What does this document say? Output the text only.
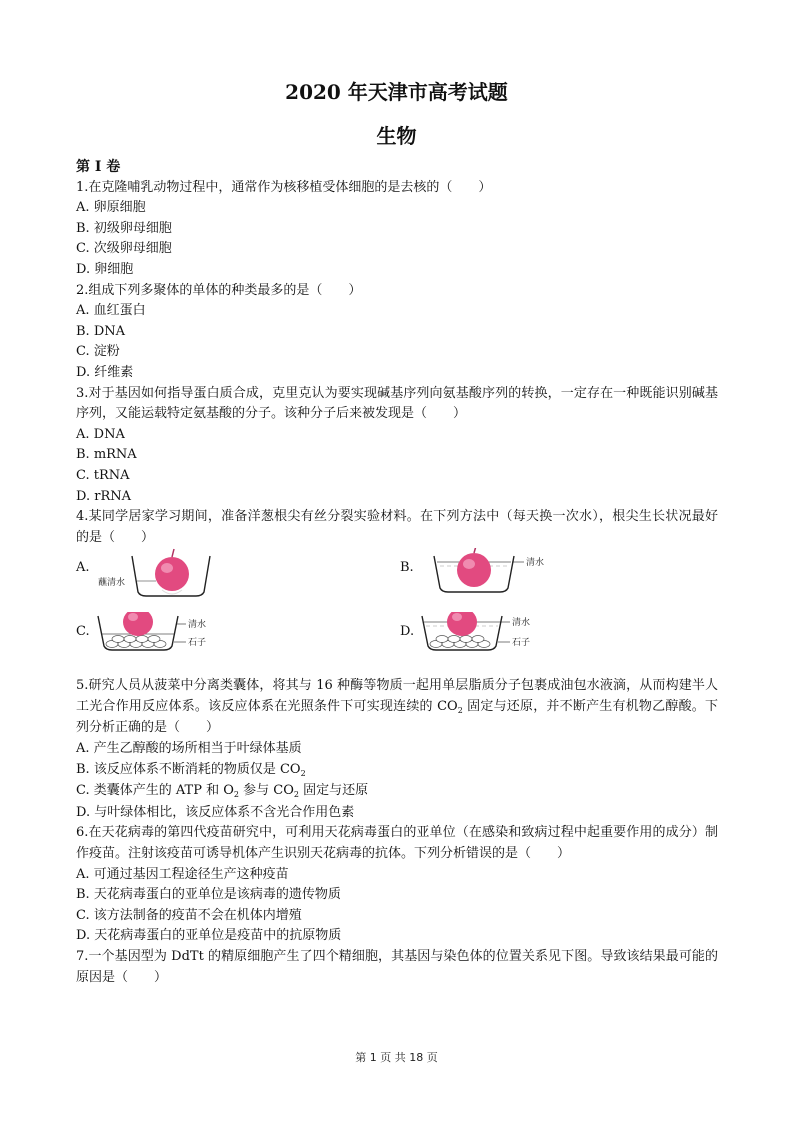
2020 年天津市高考试题
生物

第 I 卷

1.在克隆哺乳动物过程中，通常作为核移植受体细胞的是去核的（　　）

A. 卵原细胞

B. 初级卵母细胞

C. 次级卵母细胞

D. 卵细胞

2.组成下列多聚体的单体的种类最多的是（　　）

A. 血红蛋白

B. DNA

C. 淀粉

D. 纤维素

3.对于基因如何指导蛋白质合成，克里克认为要实现碱基序列向氨基酸序列的转换，一定存在一种既能识别碱基序列，又能运载特定氨基酸的分子。该种分子后来被发现是（　　）

A. DNA

B. mRNA

C. tRNA

D. rRNA

4.某同学居家学习期间，准备洋葱根尖有丝分裂实验材料。在下列方法中（每天换一次水），根尖生长状况最好的是（　　）

A.
蘸清水
B.	清水
C.	清水
石子
D.
清水
石子

5.研究人员从菠菜中分离类囊体，将其与 16 种酶等物质一起用单层脂质分子包裹成油包水液滴，从而构建半人工光合作用反应体系。该反应体系在光照条件下可实现连续的 $CO_2$ 固定与还原，并不断产生有机物乙醇酸。下列分析正确的是（　　）

A. 产生乙醇酸的场所相当于叶绿体基质

B. 该反应体系不断消耗的物质仅是 $CO_2$

C. 类囊体产生的 ATP 和 $O_2$ 参与 $CO_2$ 固定与还原

D. 与叶绿体相比，该反应体系不含光合作用色素

6.在天花病毒的第四代疫苗研究中，可利用天花病毒蛋白的亚单位（在感染和致病过程中起重要作用的成分）制作疫苗。注射该疫苗可诱导机体产生识别天花病毒的抗体。下列分析错误的是（　　）

A. 可通过基因工程途径生产这种疫苗

B. 天花病毒蛋白的亚单位是该病毒的遗传物质

C. 该方法制备的疫苗不会在机体内增殖

D. 天花病毒蛋白的亚单位是疫苗中的抗原物质

7.一个基因型为 DdTt 的精原细胞产生了四个精细胞，其基因与染色体的位置关系见下图。导致该结果最可能的原因是（　　）

第 1 页 共 18 页
